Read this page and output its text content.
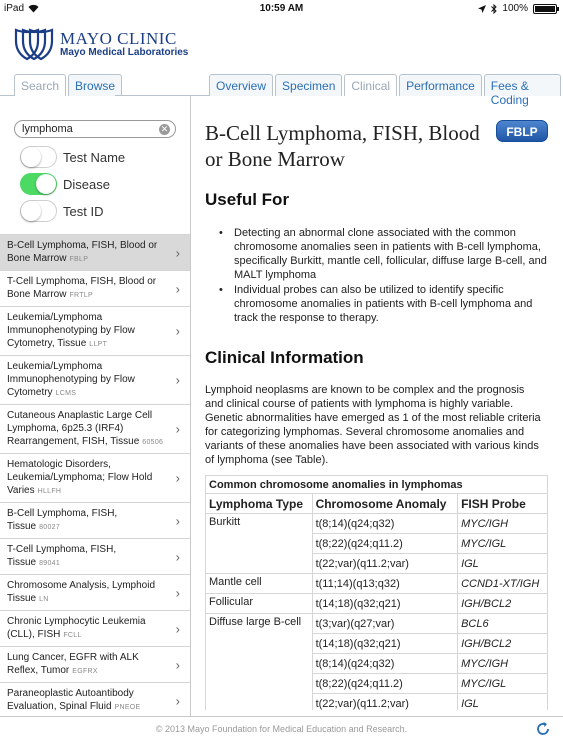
iPad	10:59 AM	100%
MAYO CLINIC
Mayo Medical Laboratories
Search	Browse	Overview	Specimen	Clinical	Performance	Fees & Coding
lymphoma	✕
Test Name
Disease
Test ID
B-Cell Lymphoma, FISH, Blood or Bone Marrow FBLP	›
T-Cell Lymphoma, FISH, Blood or Bone Marrow FRTLP	›
Leukemia/Lymphoma Immunophenotyping by Flow Cytometry, Tissue LLPT
›
Leukemia/Lymphoma Immunophenotyping by Flow Cytometry LCMS
›
Cutaneous Anaplastic Large Cell Lymphoma, 6p25.3 (IRF4) Rearrangement, FISH, Tissue 60506
›
Hematologic Disorders, Leukemia/Lymphoma; Flow Hold Varies HLLFH
›
B-Cell Lymphoma, FISH, Tissue 80027	›
T-Cell Lymphoma, FISH, Tissue 89041	›
Chromosome Analysis, Lymphoid Tissue LN	›
Chronic Lymphocytic Leukemia (CLL), FISH FCLL	›
Lung Cancer, EGFR with ALK Reflex, Tumor EGFRX	›
Paraneoplastic Autoantibody Evaluation, Spinal Fluid PNEOE	›
B-Cell Lymphoma, FISH, Blood or Bone Marrow
FBLP
Useful For
• Detecting an abnormal clone associated with the common chromosome anomalies seen in patients with B-cell lymphoma, specifically Burkitt, mantle cell, follicular, diffuse large B-cell, and MALT lymphoma
• Individual probes can also be utilized to identify specific chromosome anomalies in patients with B-cell lymphoma and track the response to therapy.
Clinical Information
Lymphoid neoplasms are known to be complex and the prognosis and clinical course of patients with lymphoma is highly variable. Genetic abnormalities have emerged as 1 of the most reliable criteria for categorizing lymphomas. Several chromosome anomalies and variants of these anomalies have been associated with various kinds of lymphoma (see Table).
Common chromosome anomalies in lymphomas		
Lymphoma Type	Chromosome Anomaly	FISH Probe
Burkitt	t(8;14)(q24;q32)	MYC/IGH
	t(8;22)(q24;q11.2)	MYC/IGL
	t(22;var)(q11.2;var)	IGL
Mantle cell	t(11;14)(q13;q32)	CCND1-XT/IGH
Follicular	t(14;18)(q32;q21)	IGH/BCL2
Diffuse large B-cell	t(3;var)(q27;var)	BCL6
	t(14;18)(q32;q21)	IGH/BCL2
	t(8;14)(q24;q32)	MYC/IGH
	t(8;22)(q24;q11.2)	MYC/IGL
	t(22;var)(q11.2;var)	IGL
© 2013 Mayo Foundation for Medical Education and Research.
